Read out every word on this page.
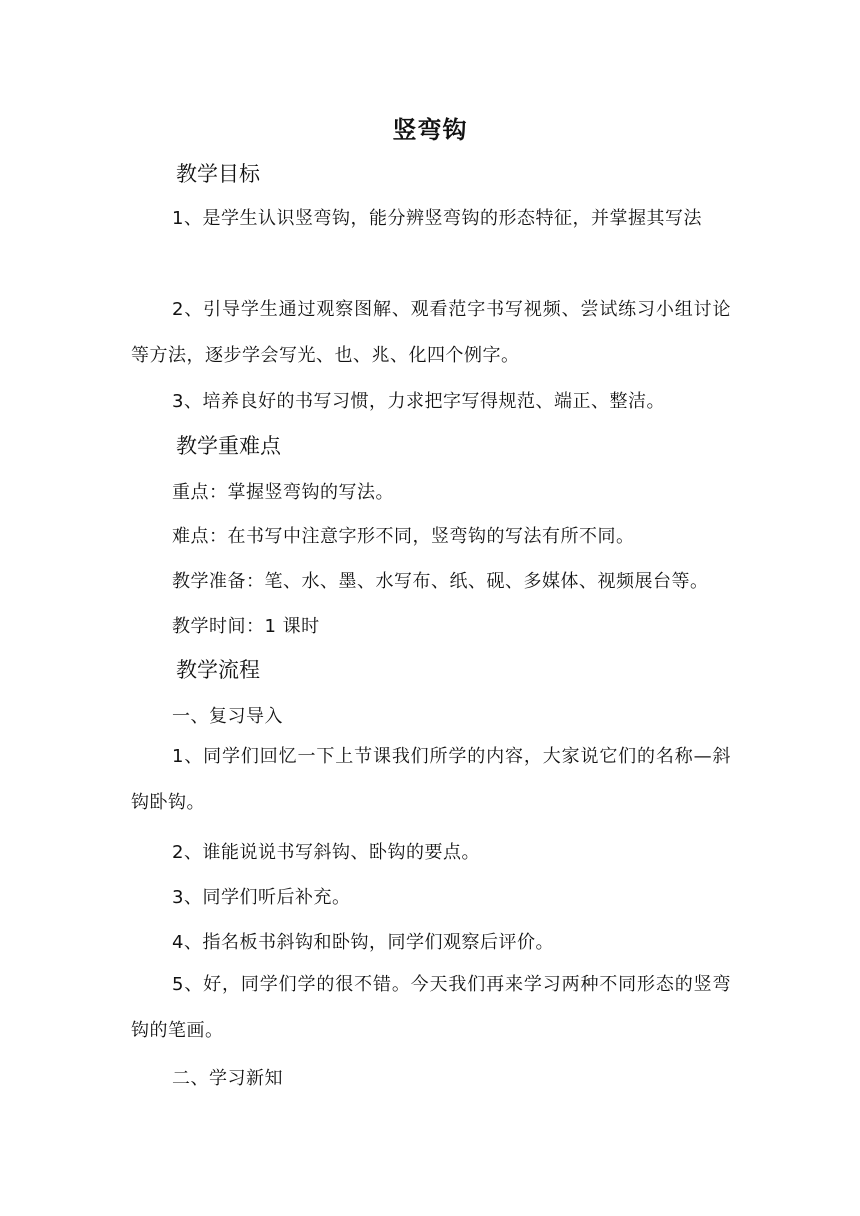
竖弯钩
教学目标
1、是学生认识竖弯钩，能分辨竖弯钩的形态特征，并掌握其写法
2、引导学生通过观察图解、观看范字书写视频、尝试练习小组讨论等方法，逐步学会写光、也、兆、化四个例字。
3、培养良好的书写习惯，力求把字写得规范、端正、整洁。
教学重难点
重点：掌握竖弯钩的写法。
难点：在书写中注意字形不同，竖弯钩的写法有所不同。
教学准备：笔、水、墨、水写布、纸、砚、多媒体、视频展台等。
教学时间：1 课时
教学流程
一、复习导入
1、同学们回忆一下上节课我们所学的内容，大家说它们的名称—斜钩卧钩。
2、谁能说说书写斜钩、卧钩的要点。
3、同学们听后补充。
4、指名板书斜钩和卧钩，同学们观察后评价。
5、好，同学们学的很不错。今天我们再来学习两种不同形态的竖弯钩的笔画。
二、学习新知
